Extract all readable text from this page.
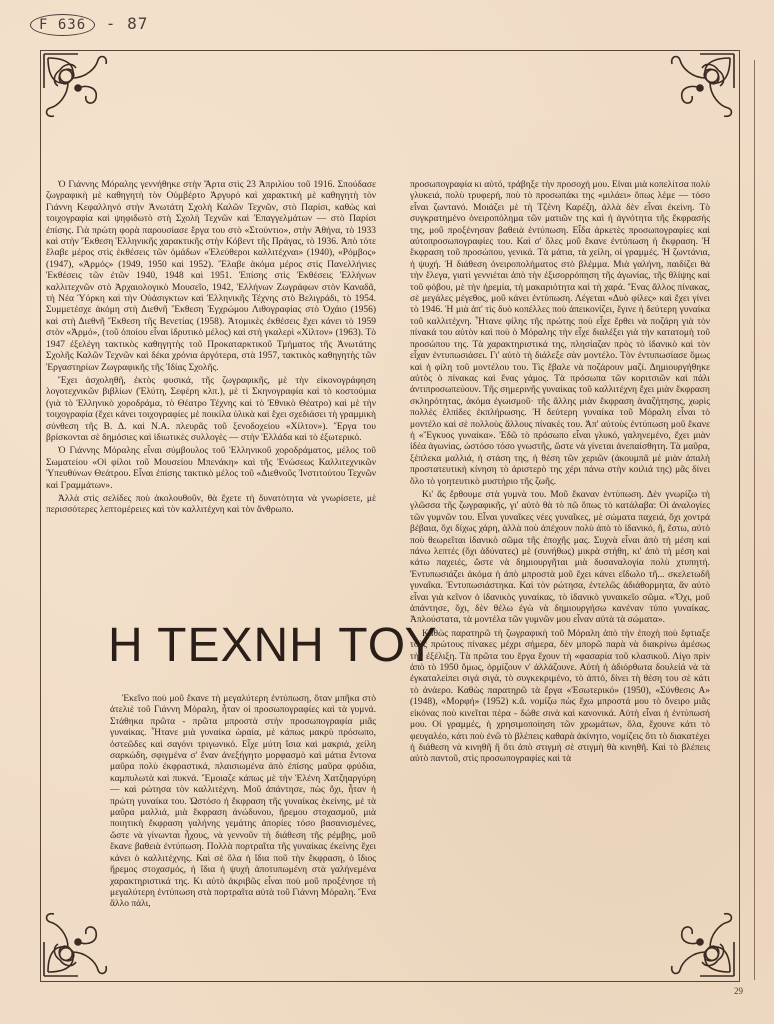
F 636 - 87

Ὁ Γιάννης Μόραλης γεννήθηκε στὴν Ἄρτα στὶς 23 Ἀπριλίου τοῦ 1916. Σπούδασε ζωγραφικὴ μὲ καθηγητὴ τὸν Οὐμβέρτο Ἀργυρό καὶ χαρακτικὴ μὲ καθηγητὴ τὸν Γιάννη Κεφαλληνό στὴν Ἀνωτάτη Σχολὴ Καλῶν Τεχνῶν, στὸ Παρίσι, καθὼς καὶ τοιχογραφία καὶ ψηφιδωτὸ στὴ Σχολὴ Τεχνῶν καὶ Ἐπαγγελμάτων — στὸ Παρίσι ἐπίσης. Γιὰ πρώτη φορὰ παρουσίασε ἔργα του στὸ «Στούντιο», στὴν Ἀθήνα, τὸ 1933 καὶ στὴν Ἔκθεση Ἑλληνικῆς χαρακτικῆς στὴν Κόβεντ τῆς Πράγας, τὸ 1936. Ἀπὸ τότε ἔλαβε μέρος στὶς ἐκθέσεις τῶν ὁμάδων «Ἐλεύθεροι καλλιτέχναι» (1940), «Ρόμβος» (1947), «Ἀρμός» (1949, 1950 καὶ 1952). Ἔλαβε ἀκόμα μέρος στὶς Πανελλήνιες Ἐκθέσεις τῶν ἐτῶν 1940, 1948 καὶ 1951. Ἐπίσης στὶς Ἐκθέσεις Ἑλλήνων καλλιτεχνῶν στὸ Ἀρχαιολογικὸ Μουσεῖο, 1942, Ἑλλήνων Ζωγράφων στὸν Καναδᾶ, τὴ Νέα Ὑόρκη καὶ τὴν Οὐάσιγκτων καὶ Ἑλληνικῆς Τέχνης στὸ Βελιγράδι, τὸ 1954. Συμμετέσχε ἀκόμη στὴ Διεθνῆ Ἔκθεση Ἐγχρώμου Λιθογραφίας στὸ Ὀχάιο (1956) καὶ στὴ Διεθνῆ Ἔκθεση τῆς Βενετίας (1958). Ἀτομικὲς ἐκθέσεις ἔχει κάνει τὸ 1959 στὸν «Ἀρμό», (τοῦ ὁποίου εἶναι ἱδρυτικὸ μέλος) καὶ στὴ γκαλερὶ «Χίλτον» (1963). Τὸ 1947 ἐξελέγη τακτικὸς καθηγητὴς τοῦ Προκαταρκτικοῦ Τμήματος τῆς Ἀνωτάτης Σχολῆς Καλῶν Τεχνῶν καὶ δέκα χρόνια ἀργότερα, στὰ 1957, τακτικὸς καθηγητὴς τῶν Ἐργαστηρίων Ζωγραφικῆς τῆς Ἰδίας Σχολῆς.

Ἔχει ἀσχοληθῆ, ἐκτὸς φυσικά, τῆς ζωγραφικῆς, μὲ τὴν εἰκονογράφηση λογοτεχνικῶν βιβλίων (Ἐλύτη, Σεφέρη κλπ.), μὲ τὶ Σκηνογραφία καὶ τὸ κοστούμια (γιὰ τὸ Ἑλληνικὸ χοροδράμα, τὸ Θέατρο Τέχνης καὶ τὸ Ἐθνικὸ Θέατρο) καὶ μὲ τὴν τοιχογραφία (ἔχει κάνει τοιχογραφίες μὲ ποικίλα ὑλικὰ καὶ ἔχει σχεδιάσει τὴ γραμμικὴ σύνθεση τῆς Β. Δ. καὶ Ν.Α. πλευρᾶς τοῦ ξενοδοχείου «Χίλτον»). Ἔργα του βρίσκονται σὲ δημόσιες καὶ ἰδιωτικὲς συλλογὲς — στὴν Ἑλλάδα καὶ τὸ ἐξωτερικό.

Ὁ Γιάννης Μόραλης εἶναι σύμβουλος τοῦ Ἑλληνικοῦ χοροδράματος, μέλος τοῦ Σωματείου «Οἱ φίλοι τοῦ Μουσείου Μπενάκη» καὶ τῆς Ἑνώσεως Καλλιτεχνικῶν Ὑπευθύνων Θεάτρου. Εἶναι ἐπίσης τακτικὸ μέλος τοῦ «Διεθνοῦς Ἰνστιτούτου Τεχνῶν καὶ Γραμμάτων».

Ἀλλὰ στὶς σελίδες ποὺ ἀκολουθοῦν, θὰ ἔχετε τὴ δυνατότητα νὰ γνωρίσετε, μὲ περισσότερες λεπτομέρειες καὶ τὸν καλλιτέχνη καὶ τὸν ἄνθρωπο.

Η ΤΕΧΝΗ ΤΟΥ

Ἐκεῖνο ποὺ μοῦ ἔκανε τὴ μεγαλύτερη ἐντύπωση, ὅταν μπῆκα στὸ ἀτελιὲ τοῦ Γιάννη Μόραλη, ἦταν οἱ προσωπογραφίες καὶ τὰ γυμνά. Στάθηκα πρῶτα - πρῶτα μπροστὰ στὴν προσωπογραφία μιᾶς γυναίκας. Ἦτανε μιὰ γυναίκα ὡραία, μὲ κάπως μακρὺ πρόσωπο, ὀστεῶδες καὶ σαγόνι τριγωνικό. Εἶχε μύτη ἴσια καὶ μακριά, χείλη σαρκώδη, σφιγμένα σ' ἕναν ἀνεξήγητο μορφασμὸ καὶ μάτια ἔντονα μαῦρα πολὺ ἐκφραστικά, πλαισιωμένα ἀπὸ ἐπίσης μαῦρα φρύδια, καμπυλωτὰ καὶ πυκνά. Ἔμοιαζε κάπως μὲ τὴν Ἑλένη Χατζηαργύρη — καὶ ρώτησα τὸν καλλιτέχνη. Μοῦ ἀπάντησε, πὼς ὄχι, ἦταν ἡ πρώτη γυναίκα του. Ὡστόσο ἡ ἔκφραση τῆς γυναίκας ἐκείνης, μὲ τὰ μαῦρα μαλλιά, μιὰ ἔκφραση ἀνώδυνου, ἤρεμου στοχασμοῦ, μιὰ ποιητικὴ ἔκφραση γαλήνης γεμάτης ἀπορίες τόσο βασανισμένες, ὥστε νὰ γίνωνται ἦχους, νὰ γεννοῦν τὴ διάθεση τῆς ρέμβης, μοῦ ἔκανε βαθειὰ ἐντύπωση. Πολλὰ πορτραῖτα τῆς γυναίκας ἐκείνης ἔχει κάνει ὁ καλλιτέχνης. Καὶ σὲ ὅλα ἡ ἴδια ποῦ τὴν ἔκφραση, ὁ ἴδιος ἤρεμος στοχασμός, ἡ ἴδια ἡ ψυχὴ ἀποτυπωμένη στὰ γαλήνεμένα χαρακτηριστικά της. Κι αὐτὸ ἀκριβῶς εἶναι ποὺ μοῦ προξένησε τὴ μεγαλύτερη ἐντύπωση στὰ πορτραῖτα αὐτὰ τοῦ Γιάννη Μόραλη. Ἕνα ἄλλο πάλι,

προσωπογραφία κι αὐτό, τράβηξε τὴν προσοχή μου. Εἶναι μιὰ κοπελίτσα πολὺ γλυκειά, πολὺ τρυφερή, ποὺ τὸ προσωπάκι της «μιλάει» ὅπως λέμε — τόσο εἶναι ζωντανό. Μοιάζει μὲ τὴ Τζένη Καρέζη, ἀλλὰ δὲν εἶναι ἐκείνη. Τὸ συγκρατημένο ὀνειροπόλημα τῶν ματιῶν της καὶ ἡ ἀγνότητα τῆς ἔκφρασής της, μοῦ προξένησαν βαθειὰ ἐντύπωση. Εἶδα ἀρκετὲς προσωπογραφίες καὶ αὐτοπροσωπογραφίες του. Καὶ σ' ὅλες μοῦ ἔκανε ἐντύπωση ἡ ἔκφραση. Ἡ ἔκφραση τοῦ προσώπου, γενικά. Τὰ μάτια, τὰ χείλη, οἱ γραμμές. Ἡ ζωντάνια, ἡ ψυχή. Ἡ διάθεση ὀνειροπολήματος στὸ βλέμμα. Μιὰ γαλήνη, παιδίζει θὰ τὴν ἔλεγα, γιατὶ γεννιέται ἀπὸ τὴν ἐξισορρόπηση τῆς ἀγωνίας, τῆς θλίψης καὶ τοῦ φόβου, μὲ τὴν ἠρεμία, τὴ μακαριότητα καὶ τὴ χαρά. Ἕνας ἄλλος πίνακας, σὲ μεγάλες μέγεθος, μοῦ κάνει ἐντύπωση. Λέγεται «Δυὸ φίλες» καὶ ἔχει γίνει τὸ 1946. Ἡ μιὰ ἀπ' τὶς δυὸ κοπέλλες ποὺ ἀπεικονίζει, ἔγινε ἡ δεύτερη γυναίκα τοῦ καλλιτέχνη. Ἦτανε φίλης τῆς πρώτης ποὺ εἶχε ἔρθει νὰ ποζάρη γιὰ τὸν πίνακά του αὐτὸν καὶ ποὺ ὁ Μόραλης τὴν εἶχε διαλέξει γιὰ τὴν κατατομὴ τοῦ προσώπου της. Τὰ χαρακτηριστικά της, πλησίαζαν πρὸς τὸ ἰδανικὸ καὶ τὸν εἶχαν ἐντυπωσιάσει. Γι' αὐτὸ τὴ διάλεξε σὰν μοντέλο. Τὸν ἐντυπωσίασε ὅμως καὶ ἡ φίλη τοῦ μοντέλου του. Τὶς ἔβαλε νὰ ποζάρουν μαζί. Δημιουργήθηκε αὐτὸς ὁ πίνακας καὶ ἕνας γάμος. Τὰ πρόσωπα τῶν κοριτσιῶν καὶ πάλι ἀντιπροσωπεύουν. Τῆς σημερινῆς γυναίκας τοῦ καλλιτέχνη ἔχει μιὰν ἔκφραση σκληρότητας, ἀκόμα ἐγωισμοῦ· τῆς ἄλλης μιὰν ἔκφραση ἀναζήτησης, χωρὶς πολλὲς ἐλπίδες ἐκπλήρωσης. Ἡ δεύτερη γυναίκα τοῦ Μόραλη εἶναι τὸ μοντέλο καὶ σὲ πολλοὺς ἄλλους πίνακές του. Ἀπ' αὐτοὺς ἐντύπωση μοῦ ἔκανε ἡ «Ἔγκυος γυναίκα». Ἐδῶ τὸ πρόσωπο εἶναι γλυκό, γαληνεμένο, ἔχει μιὰν ἰδέα ἀγωνίας, ὡστόσο τόσο γνωστῆς, ὥστε νὰ γίνεται ἀνεπαίσθητη. Τὰ μαῦρα, ξέπλεκα μαλλιά, ἡ στάση της, ἡ θέση τῶν χεριῶν (ἀκουμπᾶ μὲ μιὰν ἀπαλὴ προστατευτικὴ κίνηση τὸ ἀριστερὸ της χέρι πάνω στὴν κοιλιά της) μᾶς δίνει ὅλο τὸ γοητευτικὸ μυστήριο τῆς ζωῆς.

Κι' ἄς ἔρθουμε στὰ γυμνὰ του. Μοῦ ἔκαναν ἐντύπωση. Δὲν γνωρίζω τὴ γλῶσσα τῆς ζωγραφικῆς, γι' αὐτὸ θὰ τὸ πῶ ὅπως τὸ κατάλαβα: Οἱ ἀναλογίες τῶν γυμνῶν του. Εἶναι γυναῖκες νέες γυναῖκες, μὲ σώματα παχειά, ὄχι χοντρά βέβαια, ὄχι δίχως χάρη, ἀλλὰ ποὺ ἀπέχουν πολὺ ἀπὸ τὸ ἰδανικό, ἢ, ἔστω, αὐτὸ ποὺ θεωρεῖται ἰδανικὸ σῶμα τῆς ἐποχῆς μας. Συχνὰ εἶναι ἀπὸ τὴ μέση καὶ πάνω λεπτές (ὄχι ἀδύνατες) μὲ (συνήθως) μικρὰ στήθη, κι' ἀπὸ τὴ μέση καὶ κάτω παχειές, ὥστε νὰ δημιουργῆται μιὰ δυσαναλογία πολὺ χτυπητή. Ἐντυπωσιάζει ἀκόμα ἡ ἀπὸ μπροστὰ μοῦ ἔχει κάνει εἴδωλο τῆ... σκελετωδῆ γυναῖκα. Ἐντυπωσιάστηκα. Καὶ τὸν ρώτησα, ἐντελῶς ἀδιάθορμητα, ἂν αὐτὸ εἶναι γιὰ κεῖνον ὁ ἰδανικὸς γυναίκας, τὸ ἰδανικὸ γυναικεῖο σῶμα. «Ὄχι, μοῦ ἀπάντησε, ὄχι, δὲν θέλω ἐγὼ νὰ δημιουργήσω κανέναν τύπο γυναίκας. Ἁπλούστατα, τὰ μοντέλα τῶν γυμνῶν μου εἶναν αὐτὰ τὰ σώματα».

Καθὼς παρατηρῶ τὴ ζωγραφικὴ τοῦ Μόραλη ἀπὸ τὴν ἐποχὴ ποὺ ἔφτιαξε τοὺς πρώτους πίνακες μέχρι σήμερα, δὲν μπορῶ παρὰ νὰ διακρίνω ἀμέσως τὴν ἐξέλιξη. Τὰ πρῶτα του ἔργα ἔχουν τὴ «φασαρία τοῦ κλασικοῦ. Λίγο πρὶν ἀπὸ τὸ 1950 ὅμως, ὁρμίζουν ν' ἀλλάζουνε. Αὐτὴ ἡ ἀδιόρθωτα δουλείά νὰ τὰ ἐγκαταλείπει σιγά σιγά, τὸ συγκεκριμένο, τὸ ἀπτό, δίνει τὴ θέση του σὲ κάτι τὸ ἀνάερο. Καθὼς παρατηρῶ τὰ ἔργα «Ἐσωτερικό» (1950), «Σύνθεσις Α» (1948), «Μορφή» (1952) κ.ἄ. νομίζω πὼς ἔχω μπροστά μου τὸ ὄνειρο μιᾶς εἰκόνας ποὺ κινεῖται πέρα - δώθε σινὰ καὶ κανονικά. Αὐτὴ εἶναι ἡ ἐντύπωσή μου. Οἱ γραμμές, ἡ χρησιμοποίηση τῶν χρωμάτων, ὅλα, ἔχουνε κάτι τὸ φευγαλέο, κάτι ποὺ ἐνῶ τὸ βλέπεις καθαρὰ ἀκίνητο, νομίζεις ὅτι τὸ διακατέχει ἡ διάθεση νὰ κινηθῆ ἢ ὅτι ἀπὸ στιγμὴ σὲ στιγμὴ θὰ κινηθῆ. Καὶ τὸ βλέπεις αὐτὸ παντοῦ, στὶς προσωπογραφίες καὶ τὰ

29
